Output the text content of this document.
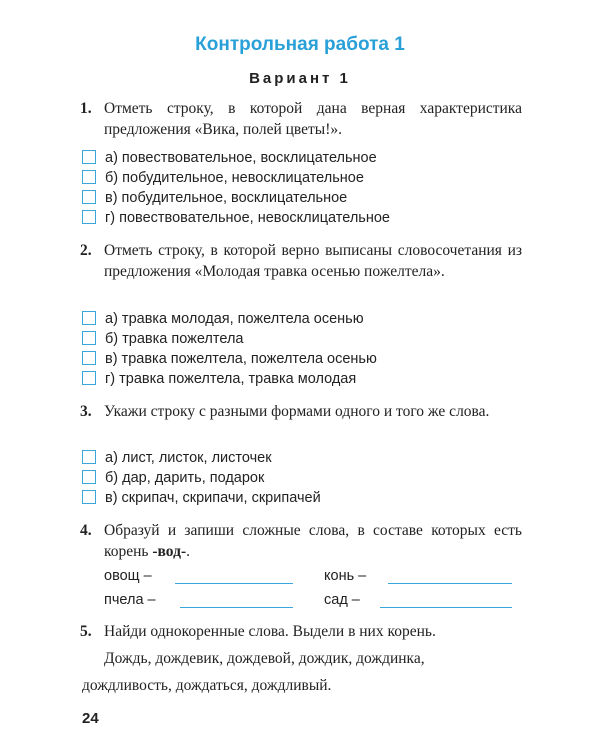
Контрольная работа 1
Вариант 1
1. Отметь строку, в которой дана верная характеристика предложения «Вика, полей цветы!».
а) повествовательное, восклицательное
б) побудительное, невосклицательное
в) побудительное, восклицательное
г) повествовательное, невосклицательное
2. Отметь строку, в которой верно выписаны словосочетания из предложения «Молодая травка осенью пожелтела».
а) травка молодая, пожелтела осенью
б) травка пожелтела
в) травка пожелтела, пожелтела осенью
г) травка пожелтела, травка молодая
3. Укажи строку с разными формами одного и того же слова.
а) лист, листок, листочек
б) дар, дарить, подарок
в) скрипач, скрипачи, скрипачей
4. Образуй и запиши сложные слова, в составе которых есть корень -вод-.
овощ –	конь –
пчела –	сад –
5. Найди однокоренные слова. Выдели в них корень.
Дождь, дождевик, дождевой, дождик, дождинка,
дождливость, дождаться, дождливый.
24
